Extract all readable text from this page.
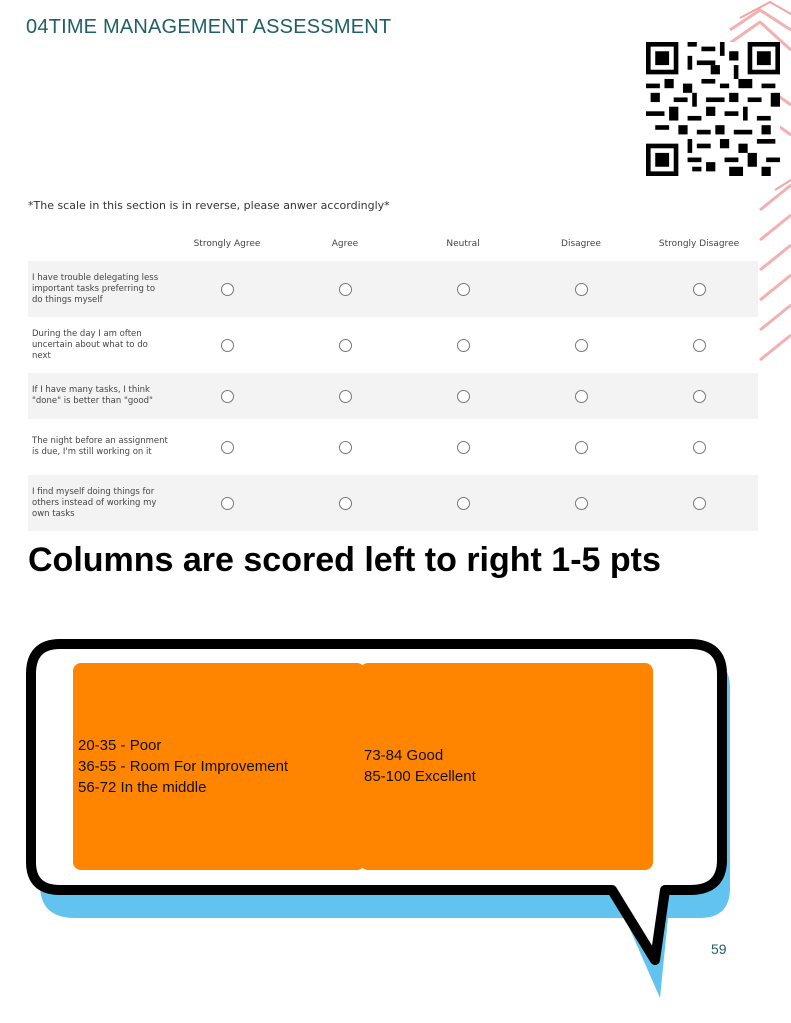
04TIME MANAGEMENT ASSESSMENT
*The scale in this section is in reverse, please anwer accordingly*
Strongly Agree	Agree	Neutral	Disagree	Strongly Disagree
I have trouble delegating less important tasks preferring to do things myself
During the day I am often uncertain about what to do next
If I have many tasks, I think "done" is better than "good"
The night before an assignment is due, I'm still working on it
I find myself doing things for others instead of working my own tasks
Columns are scored left to right 1-5 pts
20-35 - Poor
36-55 - Room For Improvement
56-72 In the middle
73-84 Good
85-100 Excellent
59
